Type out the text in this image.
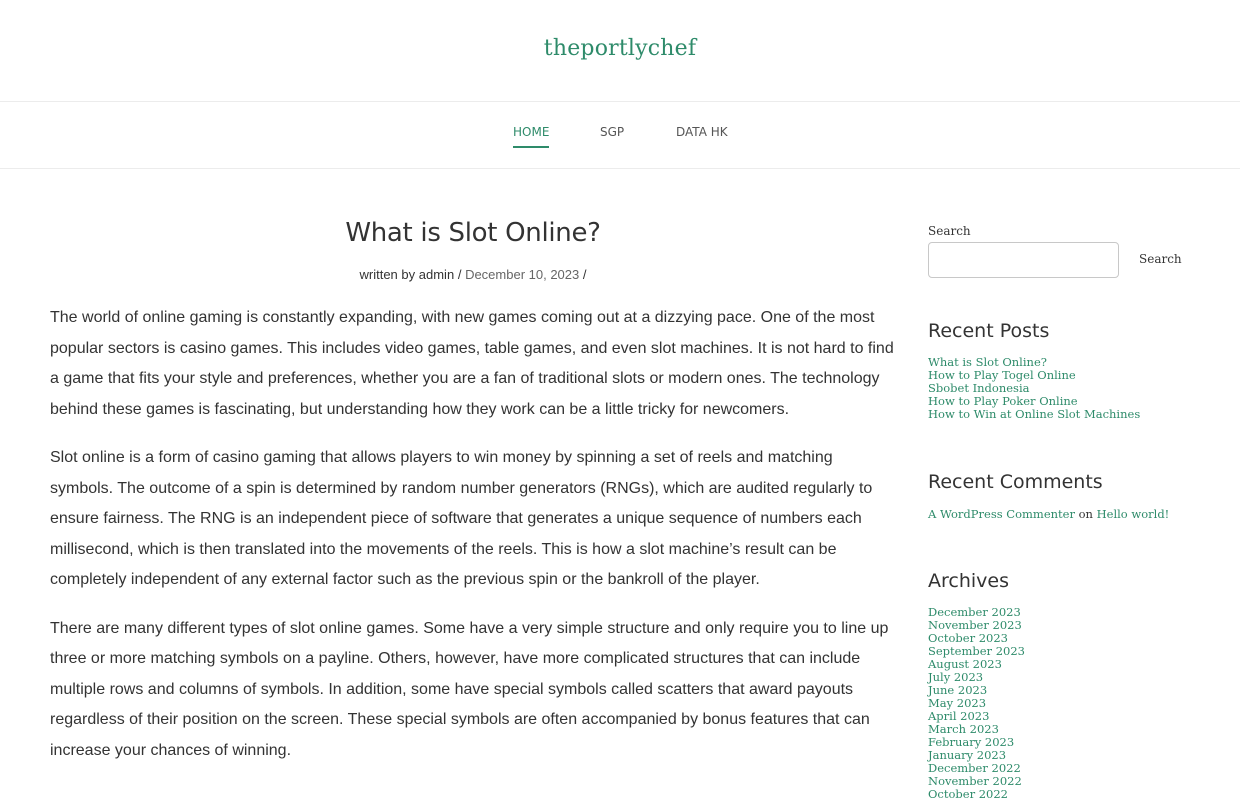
theportlychef
HOME	SGP	DATA HK
What is Slot Online?
written by admin / December 10, 2023 /

The world of online gaming is constantly expanding, with new games coming out at a dizzying pace. One of the most popular sectors is casino games. This includes video games, table games, and even slot machines. It is not hard to find a game that fits your style and preferences, whether you are a fan of traditional slots or modern ones. The technology behind these games is fascinating, but understanding how they work can be a little tricky for newcomers.

Slot online is a form of casino gaming that allows players to win money by spinning a set of reels and matching symbols. The outcome of a spin is determined by random number generators (RNGs), which are audited regularly to ensure fairness. The RNG is an independent piece of software that generates a unique sequence of numbers each millisecond, which is then translated into the movements of the reels. This is how a slot machine’s result can be completely independent of any external factor such as the previous spin or the bankroll of the player.

There are many different types of slot online games. Some have a very simple structure and only require you to line up three or more matching symbols on a payline. Others, however, have more complicated structures that can include multiple rows and columns of symbols. In addition, some have special symbols called scatters that award payouts regardless of their position on the screen. These special symbols are often accompanied by bonus features that can increase your chances of winning.

Search
Search
Recent Posts
What is Slot Online?
How to Play Togel Online
Sbobet Indonesia
How to Play Poker Online
How to Win at Online Slot Machines
Recent Comments
A WordPress Commenter on Hello world!
Archives
December 2023
November 2023
October 2023
September 2023
August 2023
July 2023
June 2023
May 2023
April 2023
March 2023
February 2023
January 2023
December 2022
November 2022
October 2022
